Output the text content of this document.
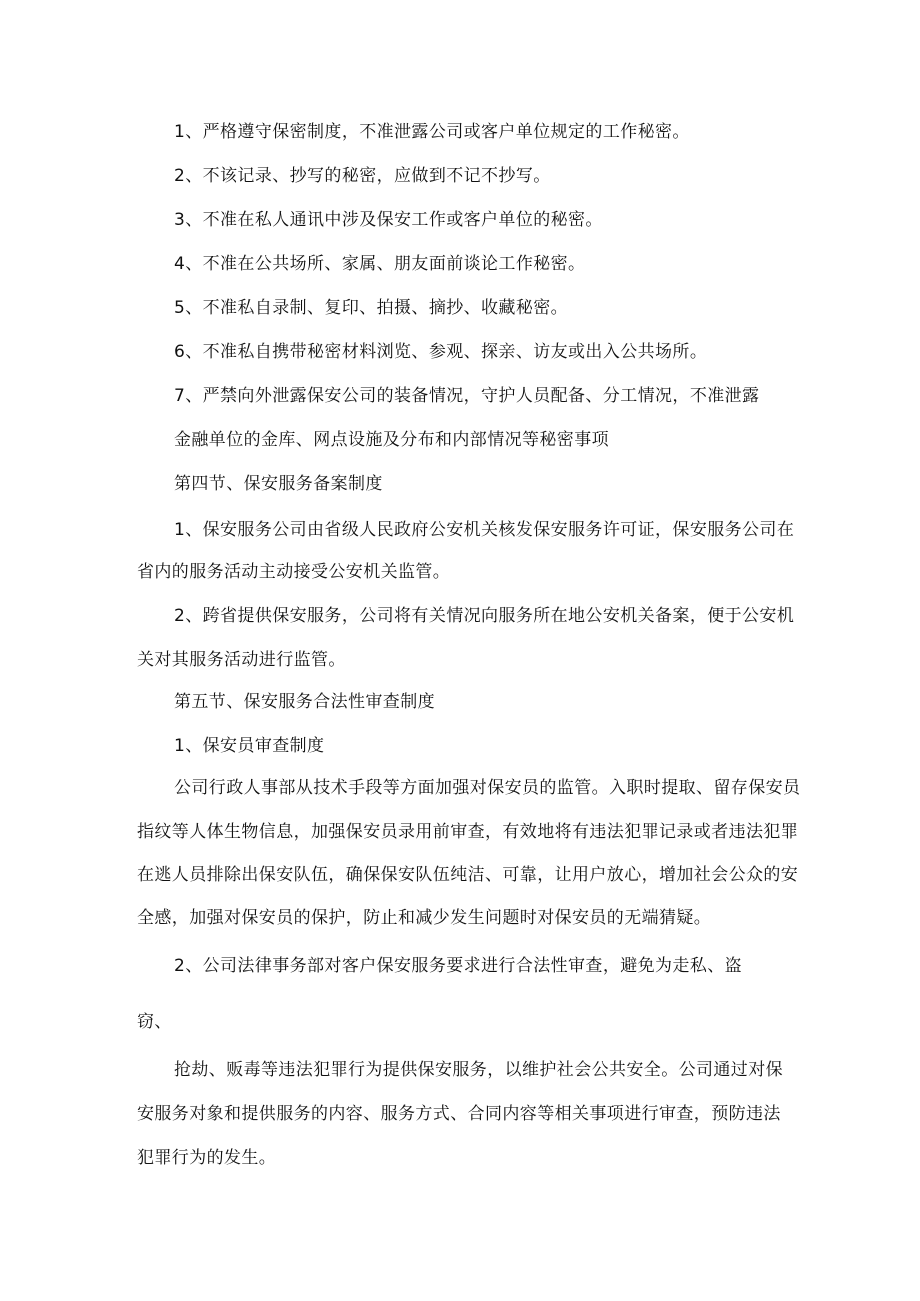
1、严格遵守保密制度，不准泄露公司或客户单位规定的工作秘密。

2、不该记录、抄写的秘密，应做到不记不抄写。

3、不准在私人通讯中涉及保安工作或客户单位的秘密。

4、不准在公共场所、家属、朋友面前谈论工作秘密。

5、不准私自录制、复印、拍摄、摘抄、收藏秘密。

6、不准私自携带秘密材料浏览、参观、探亲、访友或出入公共场所。

7、严禁向外泄露保安公司的装备情况，守护人员配备、分工情况，不准泄露

金融单位的金库、网点设施及分布和内部情况等秘密事项

第四节、保安服务备案制度

1、保安服务公司由省级人民政府公安机关核发保安服务许可证，保安服务公司在

省内的服务活动主动接受公安机关监管。

2、跨省提供保安服务，公司将有关情况向服务所在地公安机关备案，便于公安机

关对其服务活动进行监管。

第五节、保安服务合法性审查制度

1、保安员审查制度

公司行政人事部从技术手段等方面加强对保安员的监管。入职时提取、留存保安员

指纹等人体生物信息，加强保安员录用前审查，有效地将有违法犯罪记录或者违法犯罪

在逃人员排除出保安队伍，确保保安队伍纯洁、可靠，让用户放心，增加社会公众的安

全感，加强对保安员的保护，防止和减少发生问题时对保安员的无端猜疑。

2、公司法律事务部对客户保安服务要求进行合法性审查，避免为走私、盗

窃、

抢劫、贩毒等违法犯罪行为提供保安服务，以维护社会公共安全。公司通过对保

安服务对象和提供服务的内容、服务方式、合同内容等相关事项进行审查，预防违法

犯罪行为的发生。
